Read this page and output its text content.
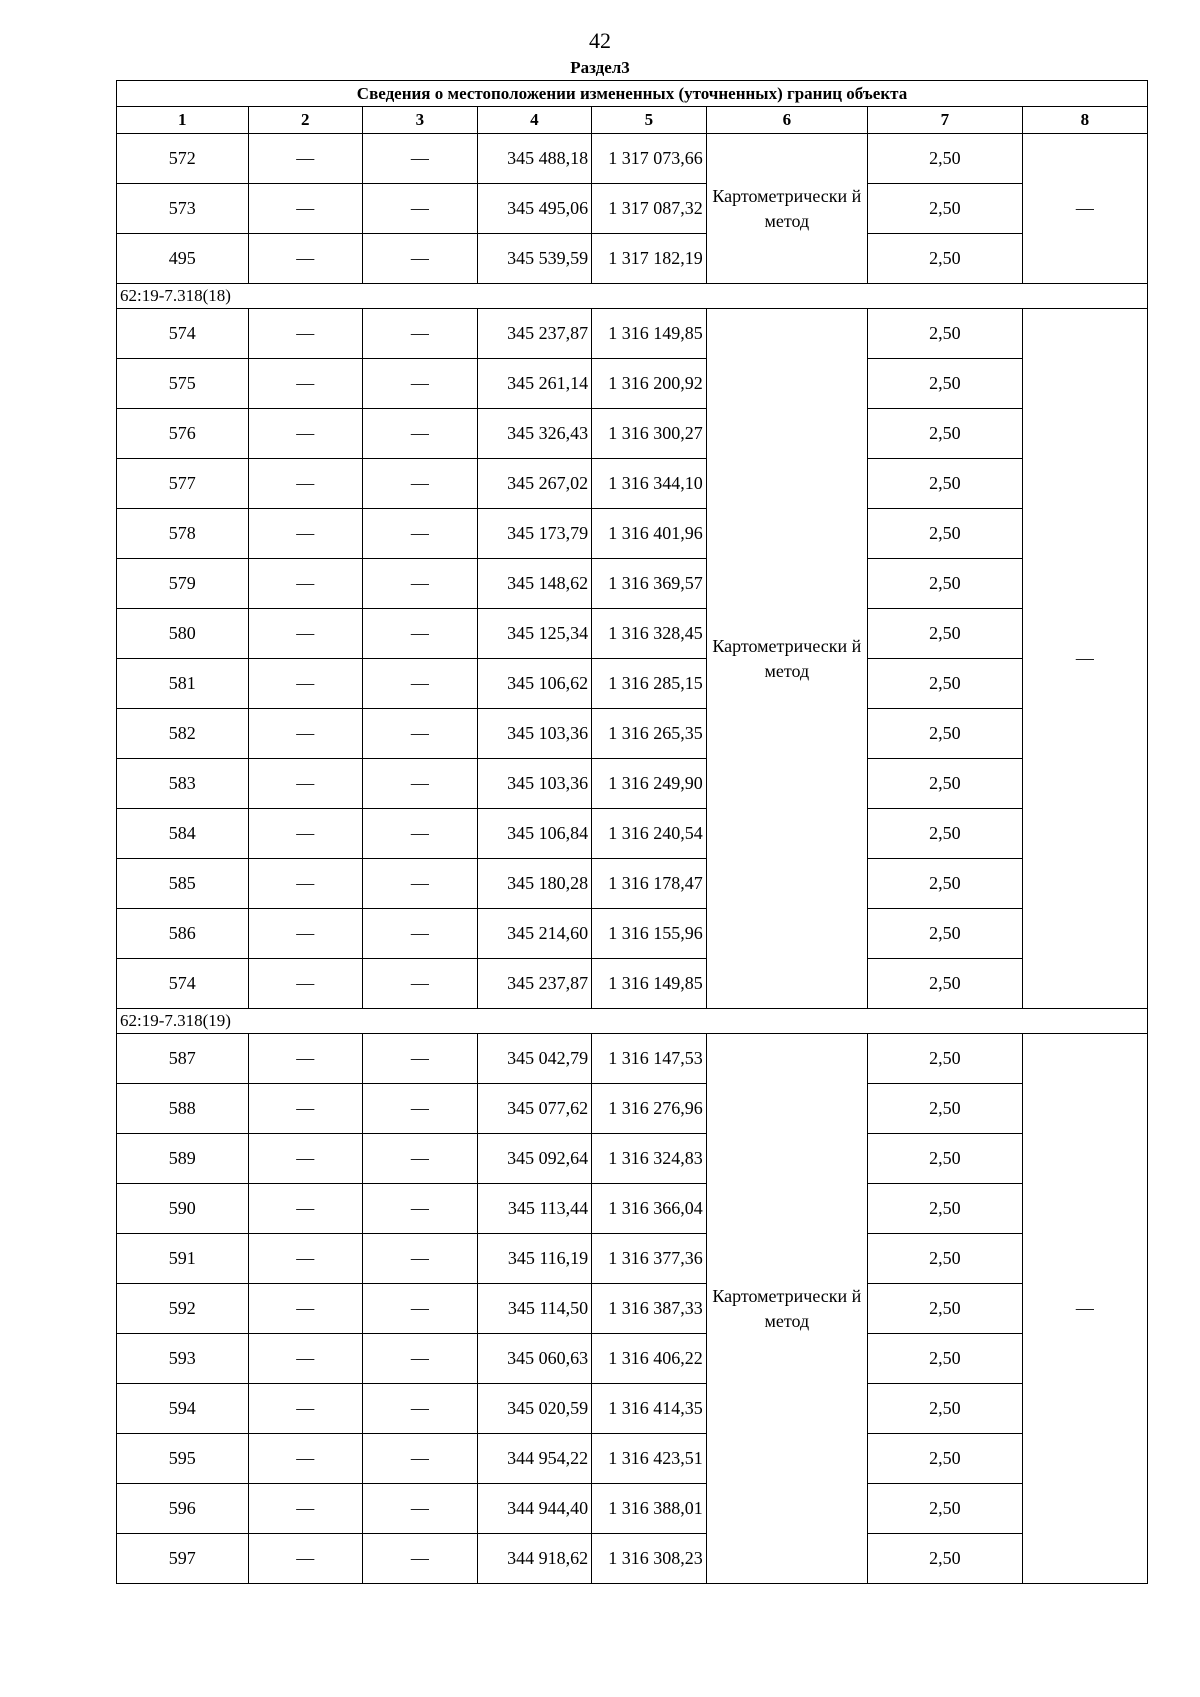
42
Раздел3
Сведения о местоположении измененных (уточненных) границ объекта							
1	2	3	4	5	6	7	8
572	—	—	345 488,18	1 317 073,66	Картометрически й метод	2,50	—
573	—	—	345 495,06	1 317 087,32		2,50	
495	—	—	345 539,59	1 317 182,19		2,50	
62:19-7.318(18)							
574	—	—	345 237,87	1 316 149,85	Картометрически й метод	2,50	—
575	—	—	345 261,14	1 316 200,92		2,50	
576	—	—	345 326,43	1 316 300,27		2,50	
577	—	—	345 267,02	1 316 344,10		2,50	
578	—	—	345 173,79	1 316 401,96		2,50	
579	—	—	345 148,62	1 316 369,57		2,50	
580	—	—	345 125,34	1 316 328,45		2,50	
581	—	—	345 106,62	1 316 285,15		2,50	
582	—	—	345 103,36	1 316 265,35		2,50	
583	—	—	345 103,36	1 316 249,90		2,50	
584	—	—	345 106,84	1 316 240,54		2,50	
585	—	—	345 180,28	1 316 178,47		2,50	
586	—	—	345 214,60	1 316 155,96		2,50	
574	—	—	345 237,87	1 316 149,85		2,50	
62:19-7.318(19)							
587	—	—	345 042,79	1 316 147,53	Картометрически й метод	2,50	—
588	—	—	345 077,62	1 316 276,96		2,50	
589	—	—	345 092,64	1 316 324,83		2,50	
590	—	—	345 113,44	1 316 366,04		2,50	
591	—	—	345 116,19	1 316 377,36		2,50	
592	—	—	345 114,50	1 316 387,33		2,50	
593	—	—	345 060,63	1 316 406,22		2,50	
594	—	—	345 020,59	1 316 414,35		2,50	
595	—	—	344 954,22	1 316 423,51		2,50	
596	—	—	344 944,40	1 316 388,01		2,50	
597	—	—	344 918,62	1 316 308,23		2,50	
